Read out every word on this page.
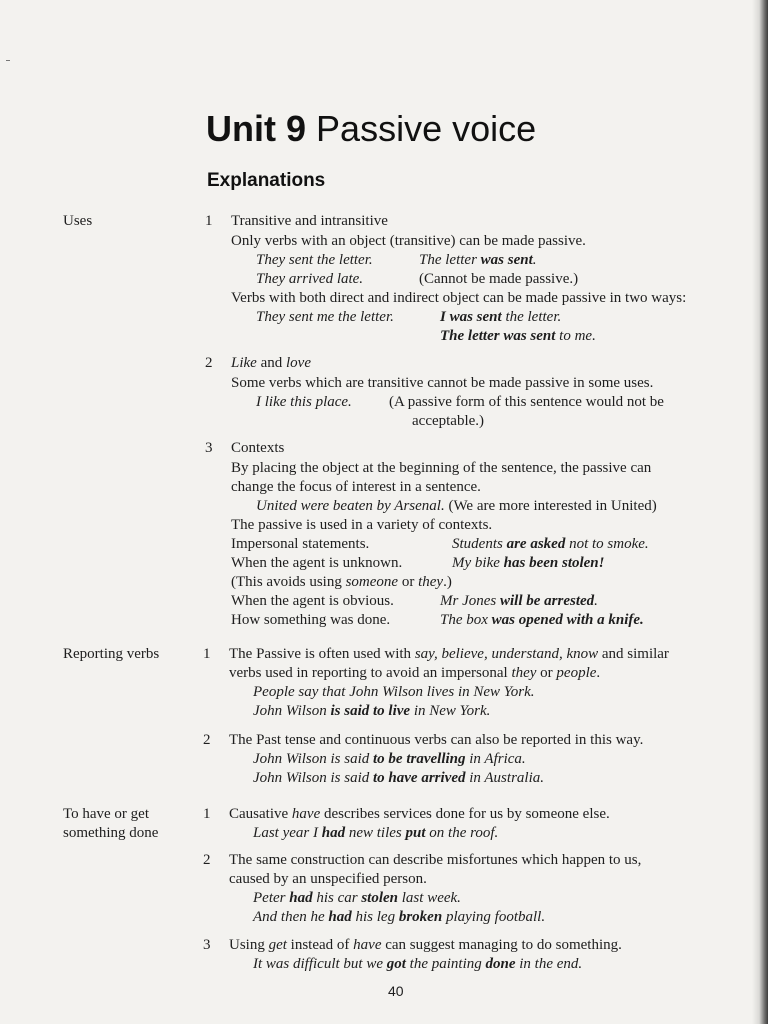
Unit 9 Passive voice
Explanations
Uses
Reporting verbs
To have or get
something done
1 Transitive and intransitive
Only verbs with an object (transitive) can be made passive.
They sent the letter.	The letter was sent.
They arrived late.	(Cannot be made passive.)
Verbs with both direct and indirect object can be made passive in two ways:
They sent me the letter.	I was sent the letter.
The letter was sent to me.
2 Like and love
Some verbs which are transitive cannot be made passive in some uses.
I like this place. (A passive form of this sentence would not be
acceptable.)
3 Contexts
By placing the object at the beginning of the sentence, the passive can
change the focus of interest in a sentence.
United were beaten by Arsenal. (We are more interested in United)
The passive is used in a variety of contexts.
Impersonal statements.	Students are asked not to smoke.
When the agent is unknown.	My bike has been stolen!
(This avoids using someone or they.)
When the agent is obvious.	Mr Jones will be arrested.
How something was done.	The box was opened with a knife.
1 The Passive is often used with say, believe, understand, know and similar
verbs used in reporting to avoid an impersonal they or people.
People say that John Wilson lives in New York.
John Wilson is said to live in New York.
2 The Past tense and continuous verbs can also be reported in this way.
John Wilson is said to be travelling in Africa.
John Wilson is said to have arrived in Australia.
1 Causative have describes services done for us by someone else.
Last year I had new tiles put on the roof.
2 The same construction can describe misfortunes which happen to us,
caused by an unspecified person.
Peter had his car stolen last week.
And then he had his leg broken playing football.
3 Using get instead of have can suggest managing to do something.
It was difficult but we got the painting done in the end.
40
